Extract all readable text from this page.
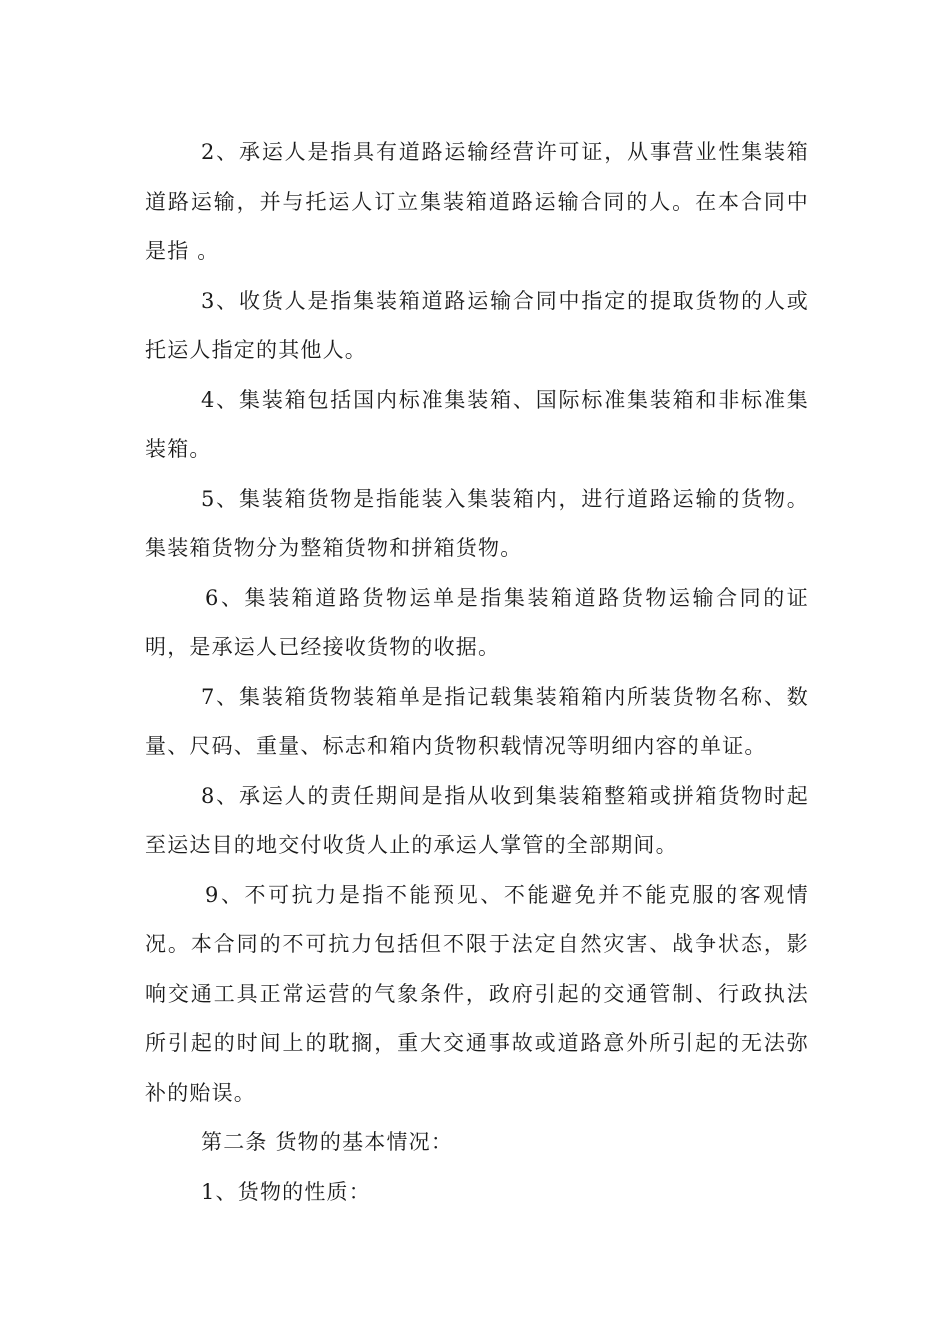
2、承运人是指具有道路运输经营许可证，从事营业性集装箱道路运输，并与托运人订立集装箱道路运输合同的人。在本合同中是指 。

3、收货人是指集装箱道路运输合同中指定的提取货物的人或托运人指定的其他人。

4、集装箱包括国内标准集装箱、国际标准集装箱和非标准集装箱。

5、集装箱货物是指能装入集装箱内，进行道路运输的货物。集装箱货物分为整箱货物和拼箱货物。

6、集装箱道路货物运单是指集装箱道路货物运输合同的证明，是承运人已经接收货物的收据。

7、集装箱货物装箱单是指记载集装箱箱内所装货物名称、数量、尺码、重量、标志和箱内货物积载情况等明细内容的单证。

8、承运人的责任期间是指从收到集装箱整箱或拼箱货物时起至运达目的地交付收货人止的承运人掌管的全部期间。

9、不可抗力是指不能预见、不能避免并不能克服的客观情况。本合同的不可抗力包括但不限于法定自然灾害、战争状态，影响交通工具正常运营的气象条件，政府引起的交通管制、行政执法所引起的时间上的耽搁，重大交通事故或道路意外所引起的无法弥补的贻误。

第二条 货物的基本情况：

1、货物的性质：
